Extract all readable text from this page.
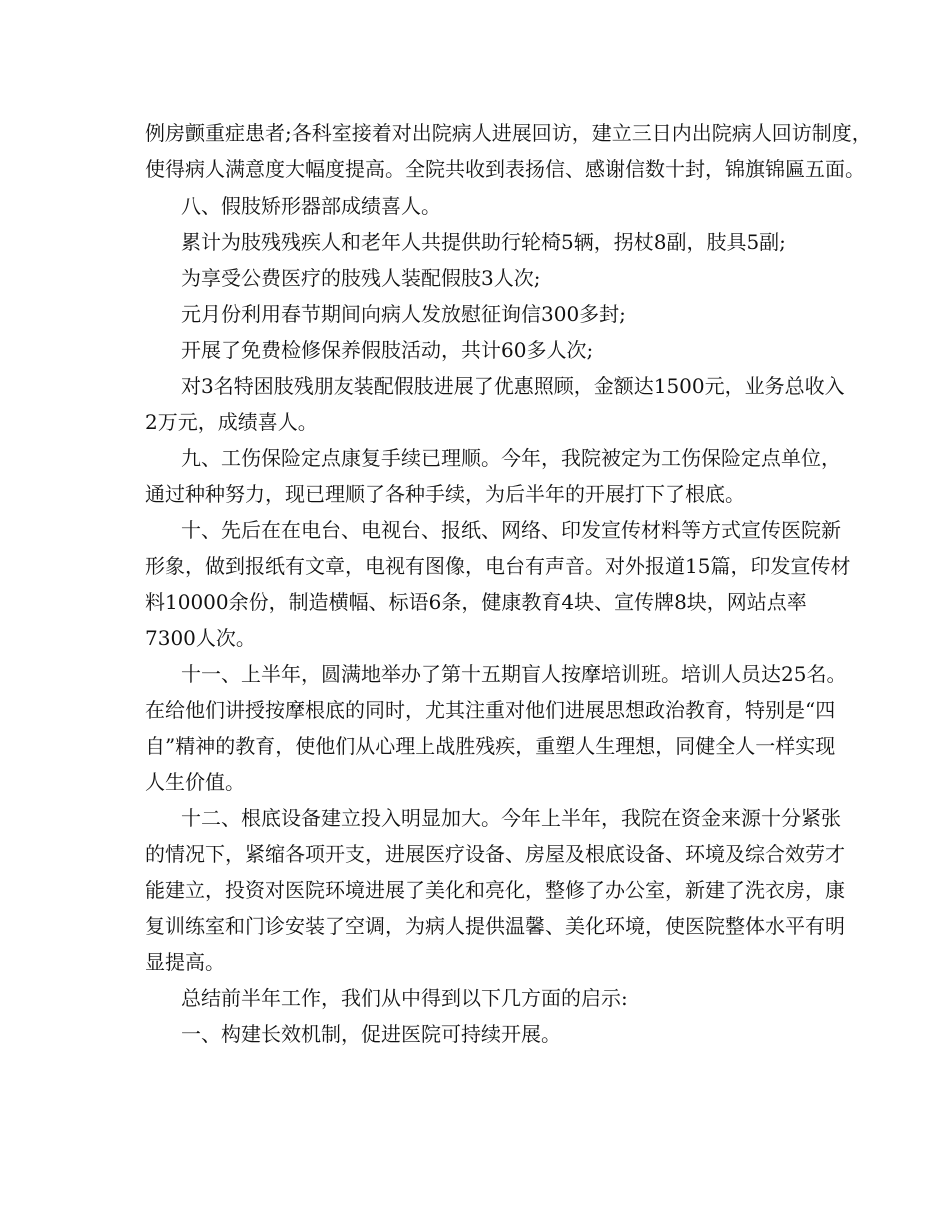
例房颤重症患者;各科室接着对出院病人进展回访，建立三日内出院病人回访制度，
使得病人满意度大幅度提高。全院共收到表扬信、感谢信数十封，锦旗锦匾五面。
八、假肢矫形器部成绩喜人。
累计为肢残残疾人和老年人共提供助行轮椅5辆，拐杖8副，肢具5副;
为享受公费医疗的肢残人装配假肢3人次;
元月份利用春节期间向病人发放慰征询信300多封;
开展了免费检修保养假肢活动，共计60多人次;
对3名特困肢残朋友装配假肢进展了优惠照顾，金额达1500元，业务总收入
2万元，成绩喜人。
九、工伤保险定点康复手续已理顺。今年，我院被定为工伤保险定点单位，
通过种种努力，现已理顺了各种手续，为后半年的开展打下了根底。
十、先后在在电台、电视台、报纸、网络、印发宣传材料等方式宣传医院新
形象，做到报纸有文章，电视有图像，电台有声音。对外报道15篇，印发宣传材
料10000余份，制造横幅、标语6条，健康教育4块、宣传牌8块，网站点率
7300人次。
十一、上半年，圆满地举办了第十五期盲人按摩培训班。培训人员达25名。
在给他们讲授按摩根底的同时，尤其注重对他们进展思想政治教育，特别是“四
自”精神的教育，使他们从心理上战胜残疾，重塑人生理想，同健全人一样实现
人生价值。
十二、根底设备建立投入明显加大。今年上半年，我院在资金来源十分紧张
的情况下，紧缩各项开支，进展医疗设备、房屋及根底设备、环境及综合效劳才
能建立，投资对医院环境进展了美化和亮化，整修了办公室，新建了洗衣房，康
复训练室和门诊安装了空调，为病人提供温馨、美化环境，使医院整体水平有明
显提高。
总结前半年工作，我们从中得到以下几方面的启示:
一、构建长效机制，促进医院可持续开展。
